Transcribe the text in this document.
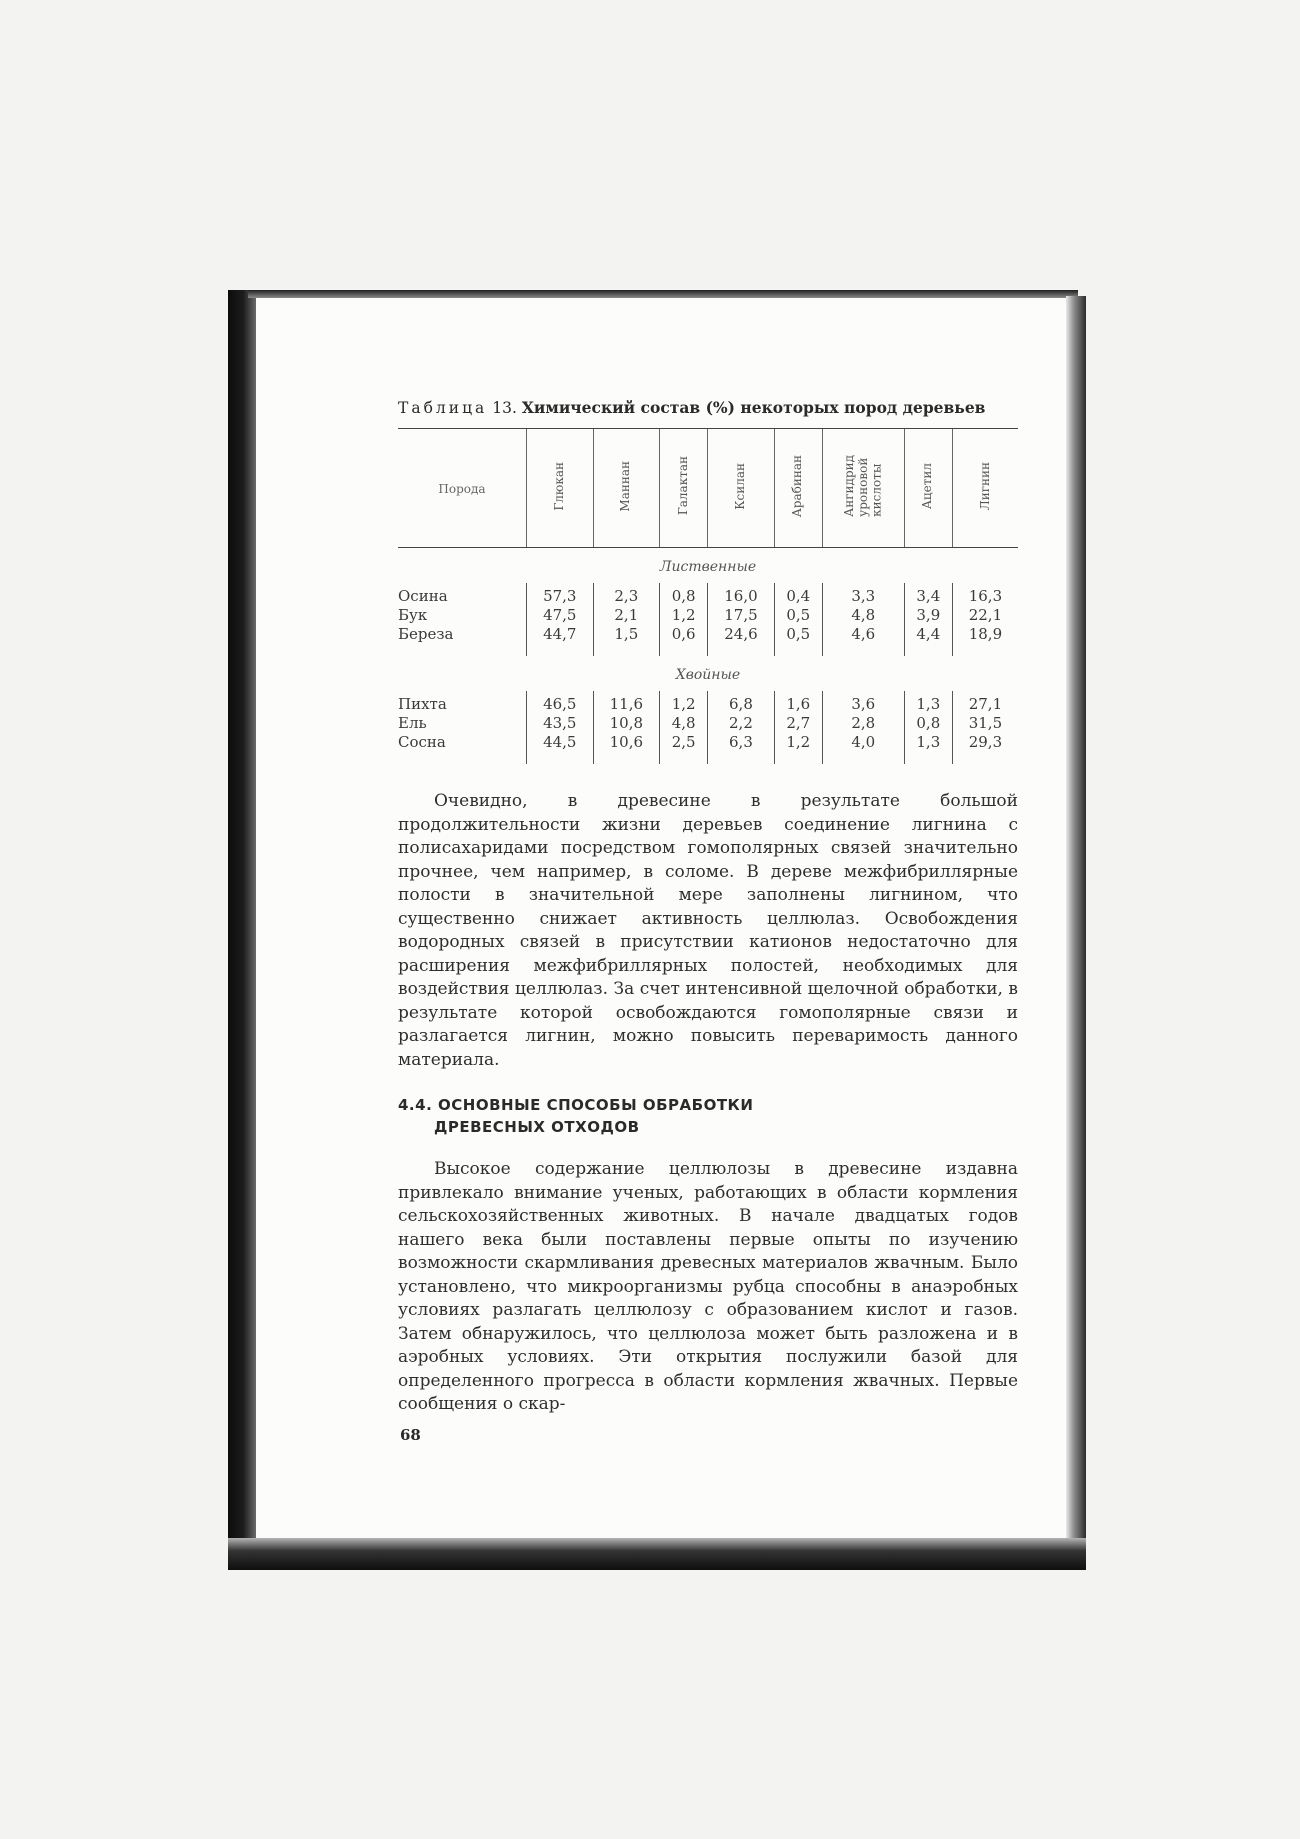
Таблица 13. Химический состав (%) некоторых пород деревьев
Порода	Глюкан	Маннан	Галактан	Ксилан	Арабинан	Ангидрид
уроновой
кислоты	Ацетил	Лигнин
Лиственные								
Осина	57,3	2,3	0,8	16,0	0,4	3,3	3,4	16,3
Бук	47,5	2,1	1,2	17,5	0,5	4,8	3,9	22,1
Береза	44,7	1,5	0,6	24,6	0,5	4,6	4,4	18,9
Хвойные								
Пихта	46,5	11,6	1,2	6,8	1,6	3,6	1,3	27,1
Ель	43,5	10,8	4,8	2,2	2,7	2,8	0,8	31,5
Сосна	44,5	10,6	2,5	6,3	1,2	4,0	1,3	29,3

Очевидно, в древесине в результате большой продолжительности жизни деревьев соединение лигнина с полисахаридами посредством гомополярных связей значительно прочнее, чем например, в соломе. В дереве межфибриллярные полости в значительной мере заполнены лигнином, что существенно снижает активность целлюлаз. Освобождения водородных связей в присутствии катионов недостаточно для расширения межфибриллярных полостей, необходимых для воздействия целлюлаз. За счет интенсивной щелочной обработки, в результате которой освобождаются гомополярные связи и разлагается лигнин, можно повысить переваримость данного материала.

4.4. ОСНОВНЫЕ СПОСОБЫ ОБРАБОТКИ
ДРЕВЕСНЫХ ОТХОДОВ

Высокое содержание целлюлозы в древесине издавна привлекало внимание ученых, работающих в области кормления сельскохозяйственных животных. В начале двадцатых годов нашего века были поставлены первые опыты по изучению возможности скармливания древесных материалов жвачным. Было установлено, что микроорганизмы рубца способны в анаэробных условиях разлагать целлюлозу с образованием кислот и газов. Затем обнаружилось, что целлюлоза может быть разложена и в аэробных условиях. Эти открытия послужили базой для определенного прогресса в области кормления жвачных. Первые сообщения о скар-

68
